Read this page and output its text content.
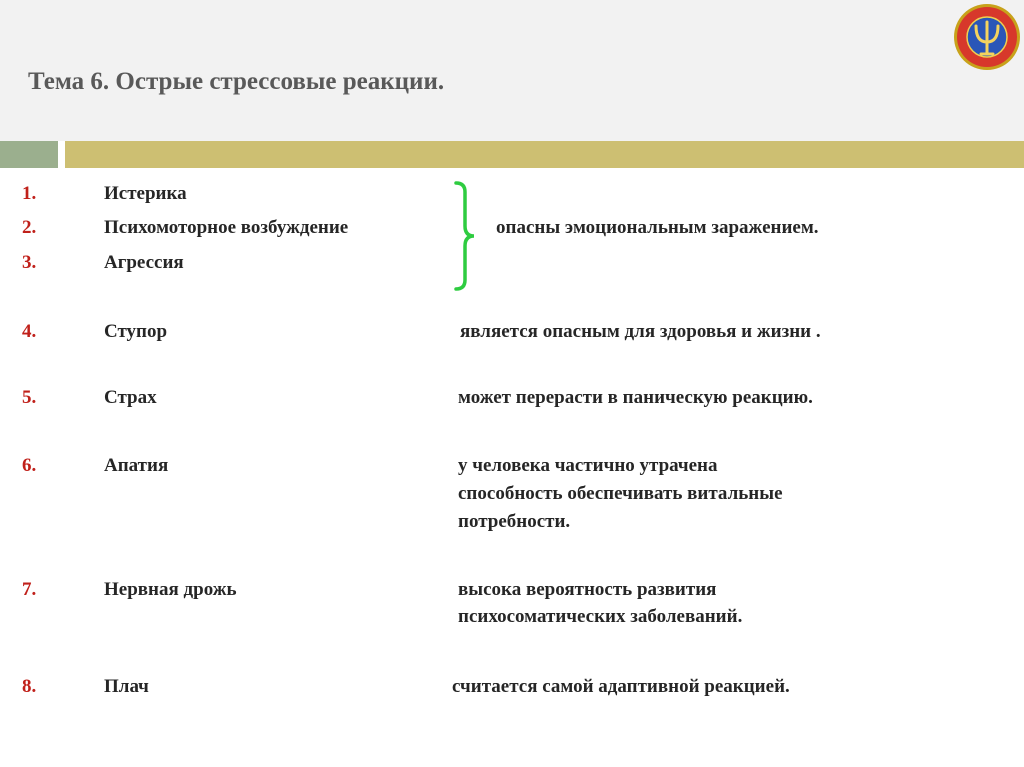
Тема 6. Острые стрессовые реакции.
1.
2.
3.
4.
5.
6.
7.
8.
Истерика
Психомоторное возбуждение
Агрессия
Ступор
Страх
Апатия
Нервная дрожь
Плач
опасны эмоциональным заражением.
является опасным для здоровья и жизни .
может перерасти в паническую реакцию.
у человека частично утрачена
способность обеспечивать витальные
потребности.
высока вероятность развития
психосоматических заболеваний.
считается самой адаптивной реакцией.
